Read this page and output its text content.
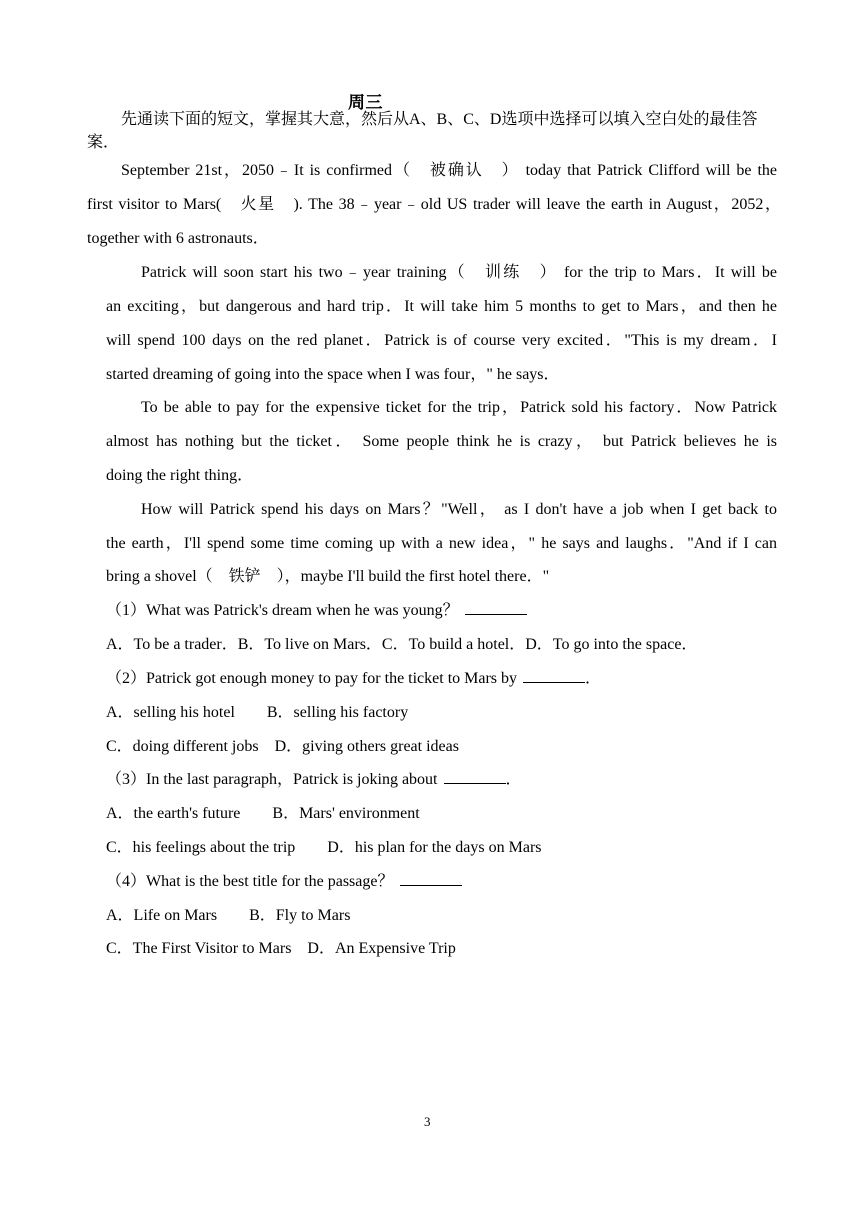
周三
先通读下面的短文，掌握其大意，然后从A、B、C、D选项中选择可以填入空白处的最佳答案．
September 21st，2050﹣It is confirmed（　被确认　） today that Patrick Clifford will be the
first visitor to Mars(　火星　). The 38﹣year﹣old US trader will leave the earth in August，2052，
together with 6 astronauts．
Patrick will soon start his two﹣year training（　训练　） for the trip to Mars．It will be
an exciting，but dangerous and hard trip．It will take him 5 months to get to Mars，and then he
will spend 100 days on the red planet．Patrick is of course very excited．"This is my dream．I
started dreaming of going into the space when I was four，" he says．
To be able to pay for the expensive ticket for the trip，Patrick sold his factory．Now Patrick
almost has nothing but the ticket． Some people think he is crazy， but Patrick believes he is
doing the right thing．
How will Patrick spend his days on Mars？"Well， as I don't have a job when I get back to
the earth，I'll spend some time coming up with a new idea，" he says and laughs．"And if I can
bring a shovel（　铁铲　），maybe I'll build the first hotel there．"
（1）What was Patrick's dream when he was young？
A．To be a trader．B．To live on Mars．C．To build a hotel．D．To go into the space．
（2）Patrick got enough money to pay for the ticket to Mars by	．
A．selling his hotel　　B．selling his factory
C．doing different jobs　D．giving others great ideas
（3）In the last paragraph，Patrick is joking about	．
A．the earth's future　　B．Mars' environment
C．his feelings about the trip　　D．his plan for the days on Mars
（4）What is the best title for the passage？
A．Life on Mars　　B．Fly to Mars
C．The First Visitor to Mars　D．An Expensive Trip
3
